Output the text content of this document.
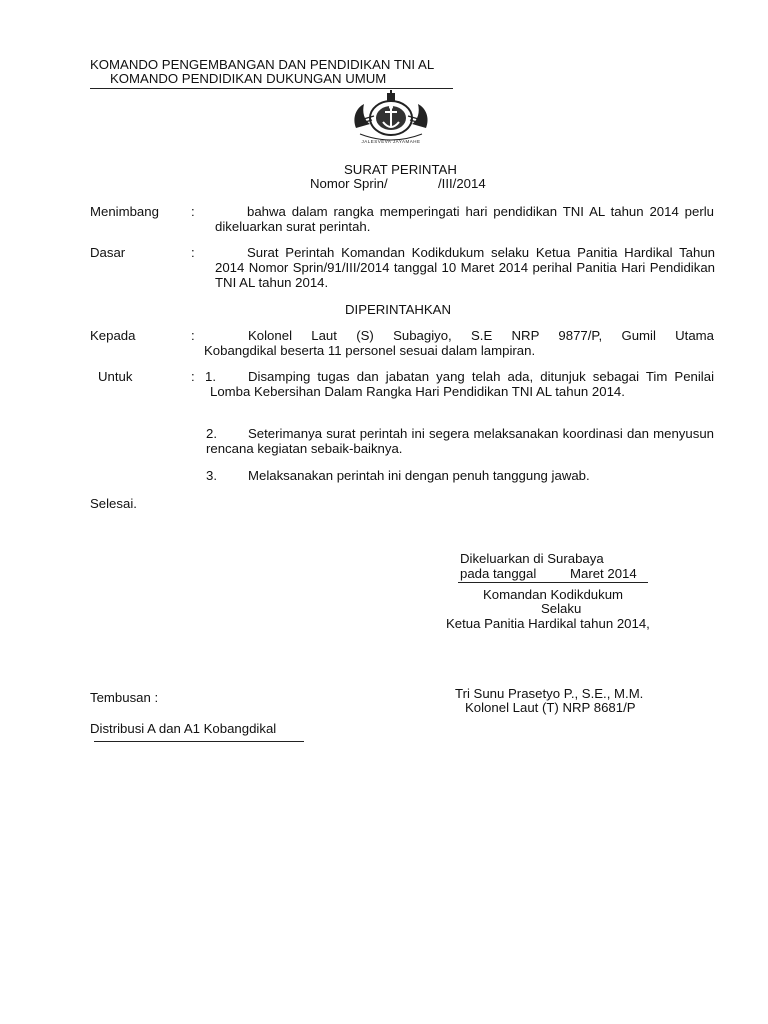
KOMANDO PENGEMBANGAN DAN PENDIDIKAN TNI AL
KOMANDO PENDIDIKAN DUKUNGAN UMUM
JALESVEVA JAYAMAHE
SURAT PERINTAH
Nomor Sprin/	/III/2014
Menimbang :	bahwa dalam rangka memperingati hari pendidikan TNI AL tahun 2014 perlu dikeluarkan surat perintah.
Dasar	:	Surat Perintah Komandan Kodikdukum selaku Ketua Panitia Hardikal Tahun 2014 Nomor Sprin/91/III/2014 tanggal 10 Maret 2014 perihal Panitia Hari Pendidikan TNI AL tahun 2014.
DIPERINTAHKAN
Kepada	:	Kolonel Laut (S) Subagiyo, S.E NRP 9877/P, Gumil Utama
Kobangdikal beserta 11 personel sesuai dalam lampiran.
Untuk	: 1.	Disamping tugas dan jabatan yang telah ada, ditunjuk sebagai Tim Penilai Lomba Kebersihan Dalam Rangka Hari Pendidikan TNI AL tahun 2014.
2.	Seterimanya surat perintah ini segera melaksanakan koordinasi dan menyusun rencana kegiatan sebaik-baiknya.
3. Melaksanakan perintah ini dengan penuh tanggung jawab.
Selesai.
Dikeluarkan di Surabaya
pada tanggal	Maret 2014
Komandan Kodikdukum
Selaku
Ketua Panitia Hardikal tahun 2014,
Tri Sunu Prasetyo P., S.E., M.M.
Kolonel Laut (T) NRP 8681/P
Tembusan :
Distribusi A dan A1 Kobangdikal
